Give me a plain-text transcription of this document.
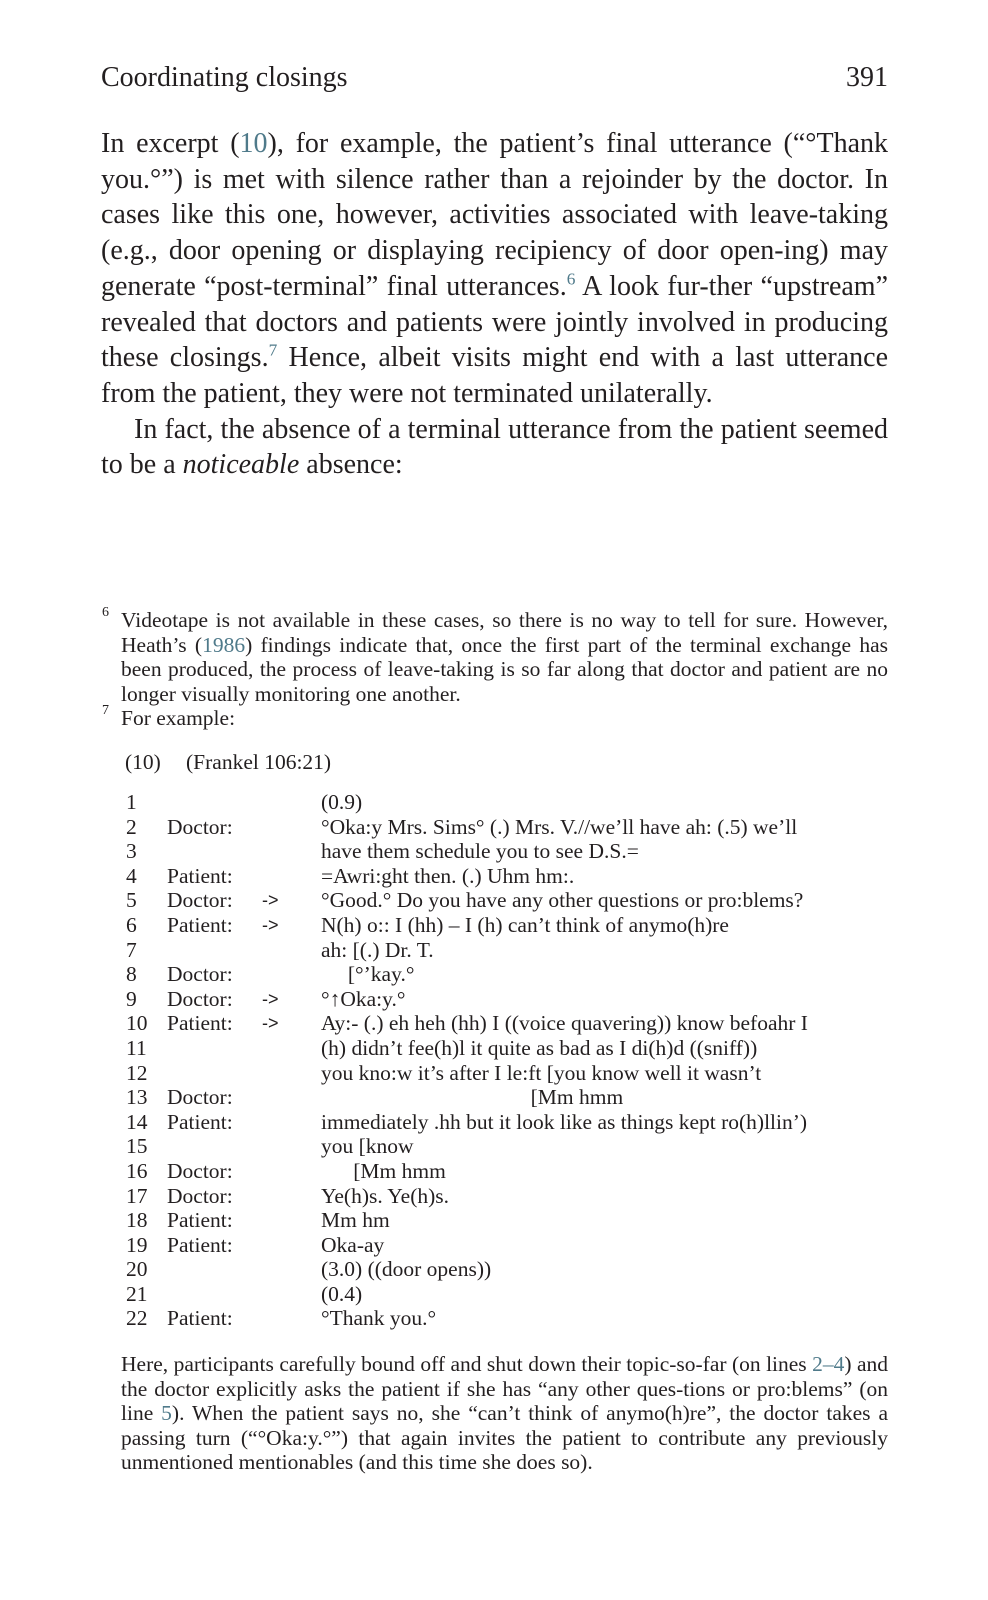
Coordinating closings	391

In excerpt (10), for example, the patient’s final utterance (“°Thank you.°”) is met with silence rather than a rejoinder by the doctor. In cases like this one, however, activities associated with leave-taking (e.g., door opening or displaying recipiency of door open-ing) may generate “post-terminal” final utterances.$^6$ A look fur-ther “upstream” revealed that doctors and patients were jointly involved in producing these closings.$^7$ Hence, albeit visits might end with a last utterance from the patient, they were not terminated unilaterally.

In fact, the absence of a terminal utterance from the patient seemed to be a noticeable absence:

6 Videotape is not available in these cases, so there is no way to tell for sure. However, Heath’s (1986) findings indicate that, once the first part of the terminal exchange has been produced, the process of leave-taking is so far along that doctor and patient are no longer visually monitoring one another.

7 For example:

(10) (Frankel 106:21)
1	(0.9)
2 Doctor:	°Oka:y Mrs. Sims° (.) Mrs. V.//we’ll have ah: (.5) we’ll
3	have them schedule you to see D.S.=
4 Patient:	=Awri:ght then. (.) Uhm hm:.
5 Doctor: -> °Good.° Do you have any other questions or pro:blems?
6 Patient: -> N(h) o:: I (hh) – I (h) can’t think of anymo(h)re
7	ah: [(.) Dr. T.
8 Doctor:	[°’kay.°
9 Doctor: -> °↑Oka:y.°
10 Patient: -> Ay:- (.) eh heh (hh) I ((voice quavering)) know befoahr I
11	(h) didn’t fee(h)l it quite as bad as I di(h)d ((sniff))
12	you kno:w it’s after I le:ft [you know well it wasn’t
13 Doctor:	[Mm hmm
14 Patient:	immediately .hh but it look like as things kept ro(h)llin’)
15	you [know
16 Doctor:	[Mm hmm
17 Doctor:	Ye(h)s. Ye(h)s.
18 Patient:	Mm hm
19 Patient:	Oka-ay
20	(3.0) ((door opens))
21	(0.4)
22 Patient:	°Thank you.°

Here, participants carefully bound off and shut down their topic-so-far (on lines 2–4) and the doctor explicitly asks the patient if she has “any other ques-tions or pro:blems” (on line 5). When the patient says no, she “can’t think of anymo(h)re”, the doctor takes a passing turn (“°Oka:y.°”) that again invites the patient to contribute any previously unmentioned mentionables (and this time she does so).
